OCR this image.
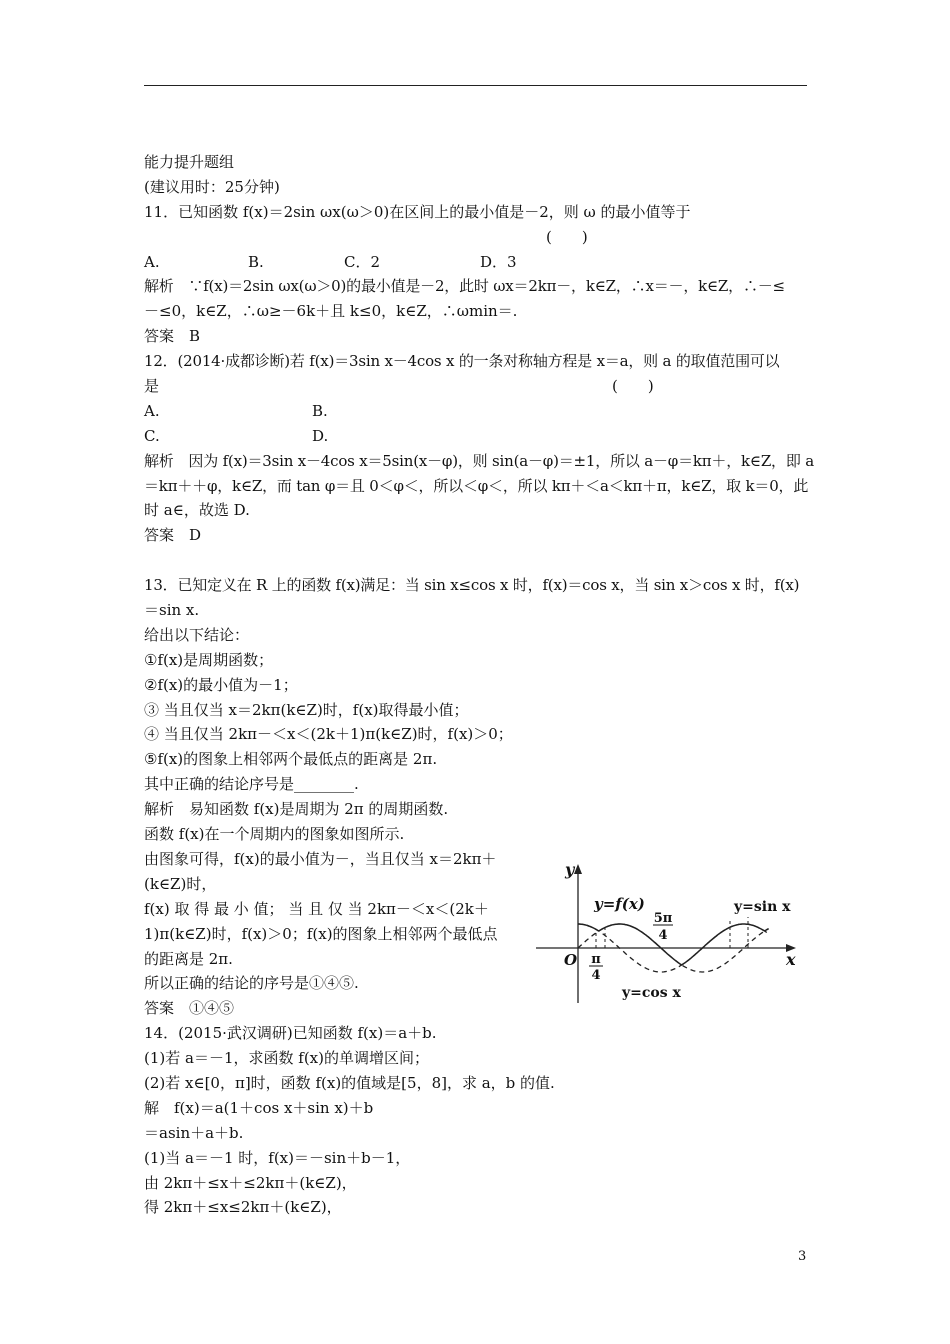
能力提升题组
(建议用时：25分钟)
11．已知函数 f(x)＝2sin ωx(ω＞0)在区间上的最小值是－2，则 ω 的最小值等于
(　　)
A.	B.	C．2	D．3
解析　∵f(x)＝2sin ωx(ω＞0)的最小值是－2，此时 ωx＝2kπ－，k∈Z，∴x＝－，k∈Z，∴－≤
－≤0，k∈Z，∴ω≥－6k＋且 k≤0，k∈Z，∴ωmin＝.
答案　B
12．(2014·成都诊断)若 f(x)＝3sin x－4cos x 的一条对称轴方程是 x＝a，则 a 的取值范围可以
是	(　　)
A.	B.
C.	D.
解析　因为 f(x)＝3sin x－4cos x＝5sin(x－φ)，则 sin(a－φ)＝±1，所以 a－φ＝kπ＋，k∈Z，即 a
＝kπ＋＋φ，k∈Z，而 tan φ＝且 0＜φ＜，所以＜φ＜，所以 kπ＋＜a＜kπ＋π，k∈Z，取 k＝0，此
时 a∈，故选 D.
答案　D
13．已知定义在 R 上的函数 f(x)满足：当 sin x≤cos x 时，f(x)＝cos x，当 sin x＞cos x 时，f(x)
＝sin x.
给出以下结论：
①f(x)是周期函数；
②f(x)的最小值为－1；
③ 当且仅当 x＝2kπ(k∈Z)时，f(x)取得最小值；
④ 当且仅当 2kπ－＜x＜(2k＋1)π(k∈Z)时，f(x)＞0；
⑤f(x)的图象上相邻两个最低点的距离是 2π.
其中正确的结论序号是________.
解析　易知函数 f(x)是周期为 2π 的周期函数.
函数 f(x)在一个周期内的图象如图所示.
由图象可得，f(x)的最小值为－，当且仅当 x＝2kπ＋
(k∈Z)时，
f(x) 取 得 最 小 值； 当 且 仅 当 2kπ－＜x＜(2k＋
1)π(k∈Z)时，f(x)＞0；f(x)的图象上相邻两个最低点
的距离是 2π.
所以正确的结论的序号是①④⑤.
答案　①④⑤
14．(2015·武汉调研)已知函数 f(x)＝a＋b.
(1)若 a＝－1，求函数 f(x)的单调增区间；
(2)若 x∈[0，π]时，函数 f(x)的值域是[5，8]，求 a，b 的值.
解　f(x)＝a(1＋cos x＋sin x)＋b
＝asin＋a＋b.
(1)当 a＝－1 时，f(x)＝－sin＋b－1，
由 2kπ＋≤x＋≤2kπ＋(k∈Z)，
得 2kπ＋≤x≤2kπ＋(k∈Z)，
y
x
O
y=f(x)	y=sin x
y=cos x
π
4
5π
4
3
